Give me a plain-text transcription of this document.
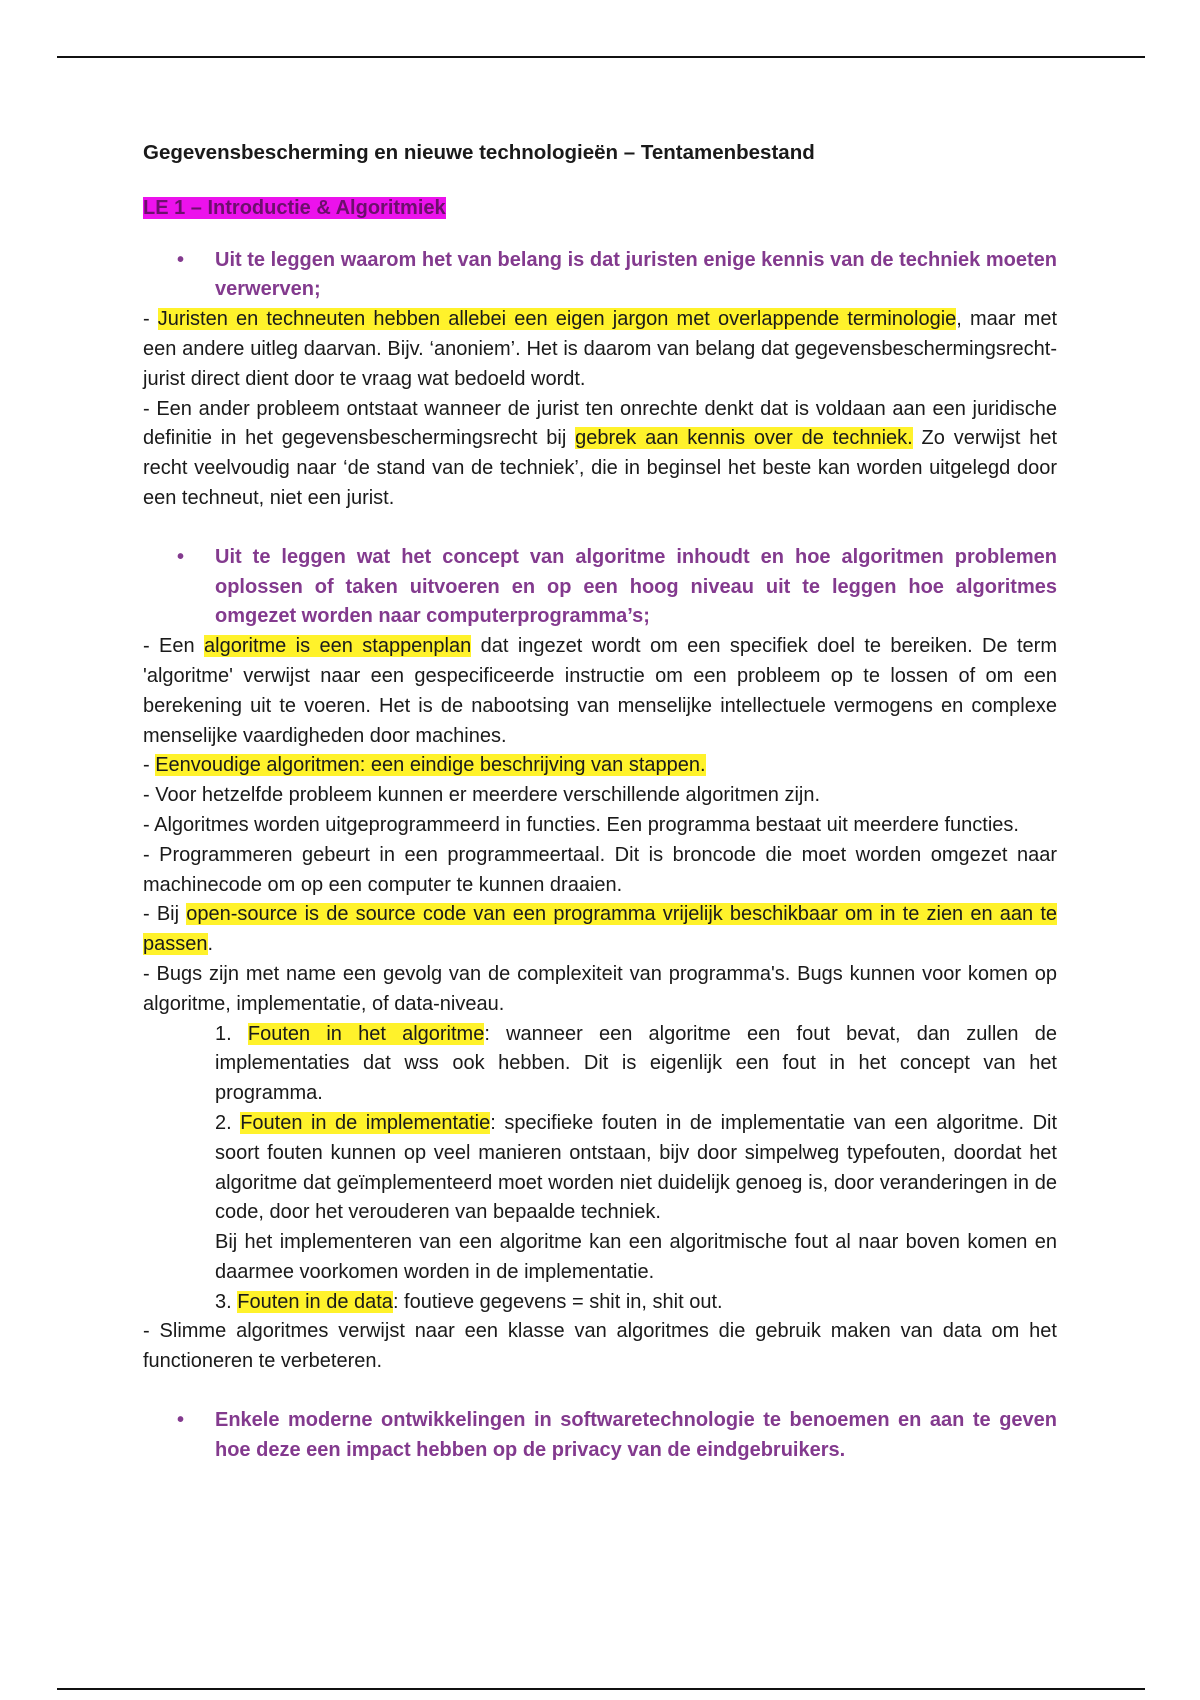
Gegevensbescherming en nieuwe technologieën – Tentamenbestand
LE 1 – Introductie & Algoritmiek
• Uit te leggen waarom het van belang is dat juristen enige kennis van de techniek moeten verwerven;

- Juristen en techneuten hebben allebei een eigen jargon met overlappende terminologie, maar met een andere uitleg daarvan. Bijv. ‘anoniem’. Het is daarom van belang dat gegevensbeschermingsrecht-jurist direct dient door te vraag wat bedoeld wordt.

- Een ander probleem ontstaat wanneer de jurist ten onrechte denkt dat is voldaan aan een juridische definitie in het gegevensbeschermingsrecht bij gebrek aan kennis over de techniek. Zo verwijst het recht veelvoudig naar ‘de stand van de techniek’, die in beginsel het beste kan worden uitgelegd door een techneut, niet een jurist.

• Uit te leggen wat het concept van algoritme inhoudt en hoe algoritmen problemen oplossen of taken uitvoeren en op een hoog niveau uit te leggen hoe algoritmes omgezet worden naar computerprogramma’s;

- Een algoritme is een stappenplan dat ingezet wordt om een specifiek doel te bereiken. De term 'algoritme' verwijst naar een gespecificeerde instructie om een probleem op te lossen of om een berekening uit te voeren. Het is de nabootsing van menselijke intellectuele vermogens en complexe menselijke vaardigheden door machines.

- Eenvoudige algoritmen: een eindige beschrijving van stappen.

- Voor hetzelfde probleem kunnen er meerdere verschillende algoritmen zijn.

- Algoritmes worden uitgeprogrammeerd in functies. Een programma bestaat uit meerdere functies.

- Programmeren gebeurt in een programmeertaal. Dit is broncode die moet worden omgezet naar machinecode om op een computer te kunnen draaien.

- Bij open-source is de source code van een programma vrijelijk beschikbaar om in te zien en aan te passen.

- Bugs zijn met name een gevolg van de complexiteit van programma's. Bugs kunnen voor komen op algoritme, implementatie, of data-niveau.

1. Fouten in het algoritme: wanneer een algoritme een fout bevat, dan zullen de implementaties dat wss ook hebben. Dit is eigenlijk een fout in het concept van het programma.

2. Fouten in de implementatie: specifieke fouten in de implementatie van een algoritme. Dit soort fouten kunnen op veel manieren ontstaan, bijv door simpelweg typefouten, doordat het algoritme dat geïmplementeerd moet worden niet duidelijk genoeg is, door veranderingen in de code, door het verouderen van bepaalde techniek.

Bij het implementeren van een algoritme kan een algoritmische fout al naar boven komen en daarmee voorkomen worden in de implementatie.

3. Fouten in de data: foutieve gegevens = shit in, shit out.

- Slimme algoritmes verwijst naar een klasse van algoritmes die gebruik maken van data om het functioneren te verbeteren.

• Enkele moderne ontwikkelingen in softwaretechnologie te benoemen en aan te geven hoe deze een impact hebben op de privacy van de eindgebruikers.
